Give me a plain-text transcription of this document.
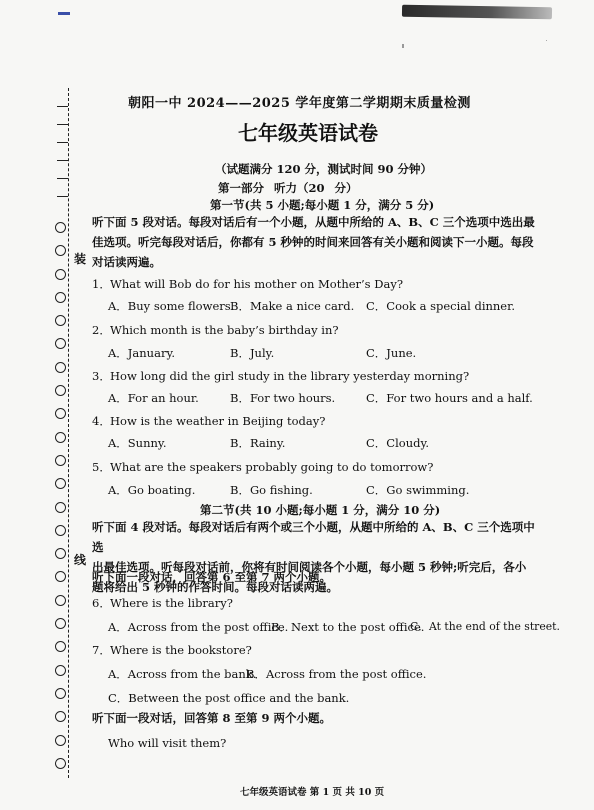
装
线
朝阳一中 2024——2025 学年度第二学期期末质量检测
七年级英语试卷
（试题满分 120 分，测试时间 90 分钟）
第一部分 听力（20 分）
第一节(共 5 小题;每小题 1 分，满分 5 分)
听下面 5 段对话。每段对话后有一个小题，从题中所给的 A、B、C 三个选项中选出最
佳选项。听完每段对话后，你都有 5 秒钟的时间来回答有关小题和阅读下一小题。每段
对话读两遍。
1．What will Bob do for his mother on Mother’s Day?
A．Buy some flowers.
B．Make a nice card. C．Cook a special dinner.
2．Which month is the baby’s birthday in?
A．January.	B．July.	C．June.
3．How long did the girl study in the library yesterday morning?
A．For an hour.	B．For two hours.	C．For two hours and a half.
4．How is the weather in Beijing today?
A．Sunny.	B．Rainy.	C．Cloudy.
5．What are the speakers probably going to do tomorrow?
A．Go boating.	B．Go fishing.	C．Go swimming.
第二节(共 10 小题;每小题 1 分，满分 10 分)
听下面 4 段对话。每段对话后有两个或三个小题，从题中所给的 A、B、C 三个选项中选
出最佳选项。听每段对话前，你将有时间阅读各个小题，每小题 5 秒钟;听完后，各小
题将给出 5 秒钟的作答时间。每段对话读两遍。
听下面一段对话，回答第 6 至第 7 两个小题。
6．Where is the library?
A．Across from the post office.
B．Next to the post office.
C．At the end of the street.
7．Where is the bookstore?
A．Across from the bank.
B．Across from the post office.
C．Between the post office and the bank.
听下面一段对话，回答第 8 至第 9 两个小题。
Who will visit them?
七年级英语试卷 第 1 页 共 10 页
